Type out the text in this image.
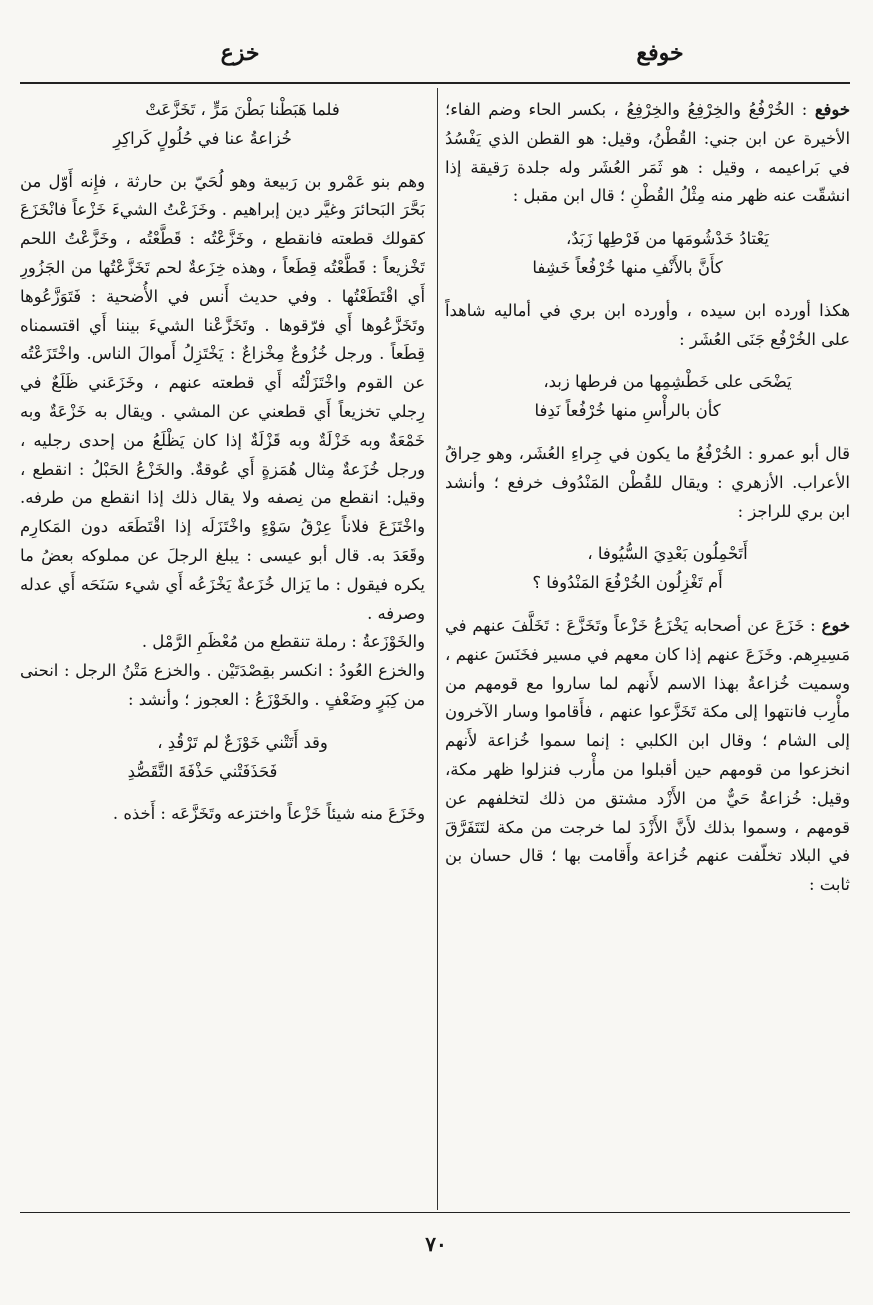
خوفع
خزع

خوفع : الخُرْفُعُ والخِرْفِعُ والخِرْفِعُ ، بكسر الحاء وضم الفاء؛ الأخيرة عن ابن جني: القُطْنُ، وقيل: هو القطن الذي يَفْسُدُ في بَراعيمه ، وقيل : هو ثَمَر العُشَر وله جلدة رَقيقة إذا انشقّت عنه ظهر منه مِثْلُ القُطْنِ ؛ قال ابن مقبل :

يَعْتادُ خَدْشُومَها من فَرْطِها زَبَدٌ،
كأَنَّ بالأَنْفِ منها خُرْفُعاً خَشِفا

هكذا أورده ابن سيده ، وأورده ابن بري في أماليه شاهداً على الخُرْفُع جَنَى العُشَر :

يَضْحَى على خَطْشِمِها من فرطها زبد،
كأن بالرأْسِ منها خُرْفُعاً نَدِفا

قال أبو عمرو : الخُرْفُعُ ما يكون في جِراءِ العُشَر، وهو حِراقُ الأعراب. الأزهري : ويقال للقُطْن المَنْدُوف خرفع ؛ وأنشد ابن بري للراجز :

أَتَحْمِلُون بَعْدِيَ السُّيُوفا ،
أَم تَغْزِلُون الخُرْفُعَ المَنْدُوفا ؟

خوع : خَزَعَ عن أصحابه يَخْزَعُ خَزْعاً وتَخَزَّعَ : تَخَلَّفَ عنهم في مَسِيرِهم. وخَزَعَ عنهم إذا كان معهم في مسير فخَنَسَ عنهم ، وسميت خُزاعةُ بهذا الاسم لأَنهم لما ساروا مع قومهم من مأْرِب فانتهوا إلى مكة تَخَزَّعوا عنهم ، فأَقاموا وسار الآخرون إلى الشام ؛ وقال ابن الكلبي : إنما سموا خُزاعة لأَنهم انخزعوا من قومهم حين أقبلوا من مأْرب فنزلوا ظهر مكة، وقيل: خُزاعةُ حَيٌّ من الأَزْد مشتق من ذلك لتخلفهم عن قومهم ، وسموا بذلك لأَنَّ الأَزْدَ لما خرجت من مكة لتَتَفَرَّقَ في البلاد تخلّفت عنهم خُزاعة وأَقامت بها ؛ قال حسان بن ثابت :

فلما هَبَطْنا بَطْنَ مَرٍّ ، تَخَزَّعَتْ
خُزاعةُ عنا في حُلُولٍ كَراكِرِ

وهم بنو عَمْرو بن رَبيعة وهو لُحَيّ بن حارثة ، فإِنه أَوّل من بَحَّرَ البَحائرَ وغيَّر دين إبراهيم . وخَزَعْتُ الشيءَ خَزْعاً فانْخَزَعَ كقولك قطعته فانقطع ، وخَزَّعْتُه : قَطَّعْتُه ، وخَزَّعْتُ اللحم تَخْزيعاً : قَطَّعْتُه قِطَعاً ، وهذه خِزَعةٌ لحم تَخَزَّعْتُها من الجَزُورِ أَي اقْتَطَعْتُها . وفي حديث أَنس في الأُضحية : فَتَوَزَّعُوها وتَخَزَّعُوها أَي فرّقوها . وتَخَزَّعْنا الشيءَ بيننا أَي اقتسمناه قِطَعاً . ورجل خُزُوعٌ مِخْزاعٌ : يَخْتَزِلُ أَموالَ الناس. واخْتَزَعْتُه عن القوم واخْتَزَلْتُه أَي قطعته عنهم ، وخَزَعَني ظَلَعٌ في رِجلي تخزيعاً أَي قطعني عن المشي . ويقال به خَزْعَةٌ وبه خَمْعَةٌ وبه خَزْلَةٌ وبه قَزْلَةٌ إذا كان يَظْلَعُ من إحدى رجليه ، ورجل خُزَعةٌ مِثال هُمَزةٍ أَي عُوقةٌ. والخَزْعُ الحَبْلُ : انقطع ، وقيل: انقطع من نِصفه ولا يقال ذلك إذا انقطع من طرفه. واخْتَزَعَ فلاناً عِرْقُ سَوْءٍ واخْتَزَلَه إذا اقْتَطَعَه دون المَكارِم وقَعَدَ به. قال أبو عيسى : يبلغ الرجلَ عن مملوكه بعضُ ما يكره فيقول : ما يَزال خُزَعةٌ يَخْزَعُه أَي شيء سَنَحَه أَي عدله وصرفه .

والخَوْزَعةُ : رملة تنقطع من مُعْظَمِ الرَّمْل .

والخزع العُودُ : انكسر بقِصْدَتَيْن . والخزع مَتْنُ الرجل : انحنى من كِبَرٍ وضَعْفٍ . والخَوْزَعُ : العجوز ؛ وأنشد :

وقد أَتَتْني خَوْزَعٌ لم تَرْقُدِ ،
فَحَذَفَتْني حَذْفَةَ التَّقَصُّدِ

وخَزَعَ منه شيئاً خَزْعاً واختزعه وتَخَزَّعَه : أَخذه .

٧٠
